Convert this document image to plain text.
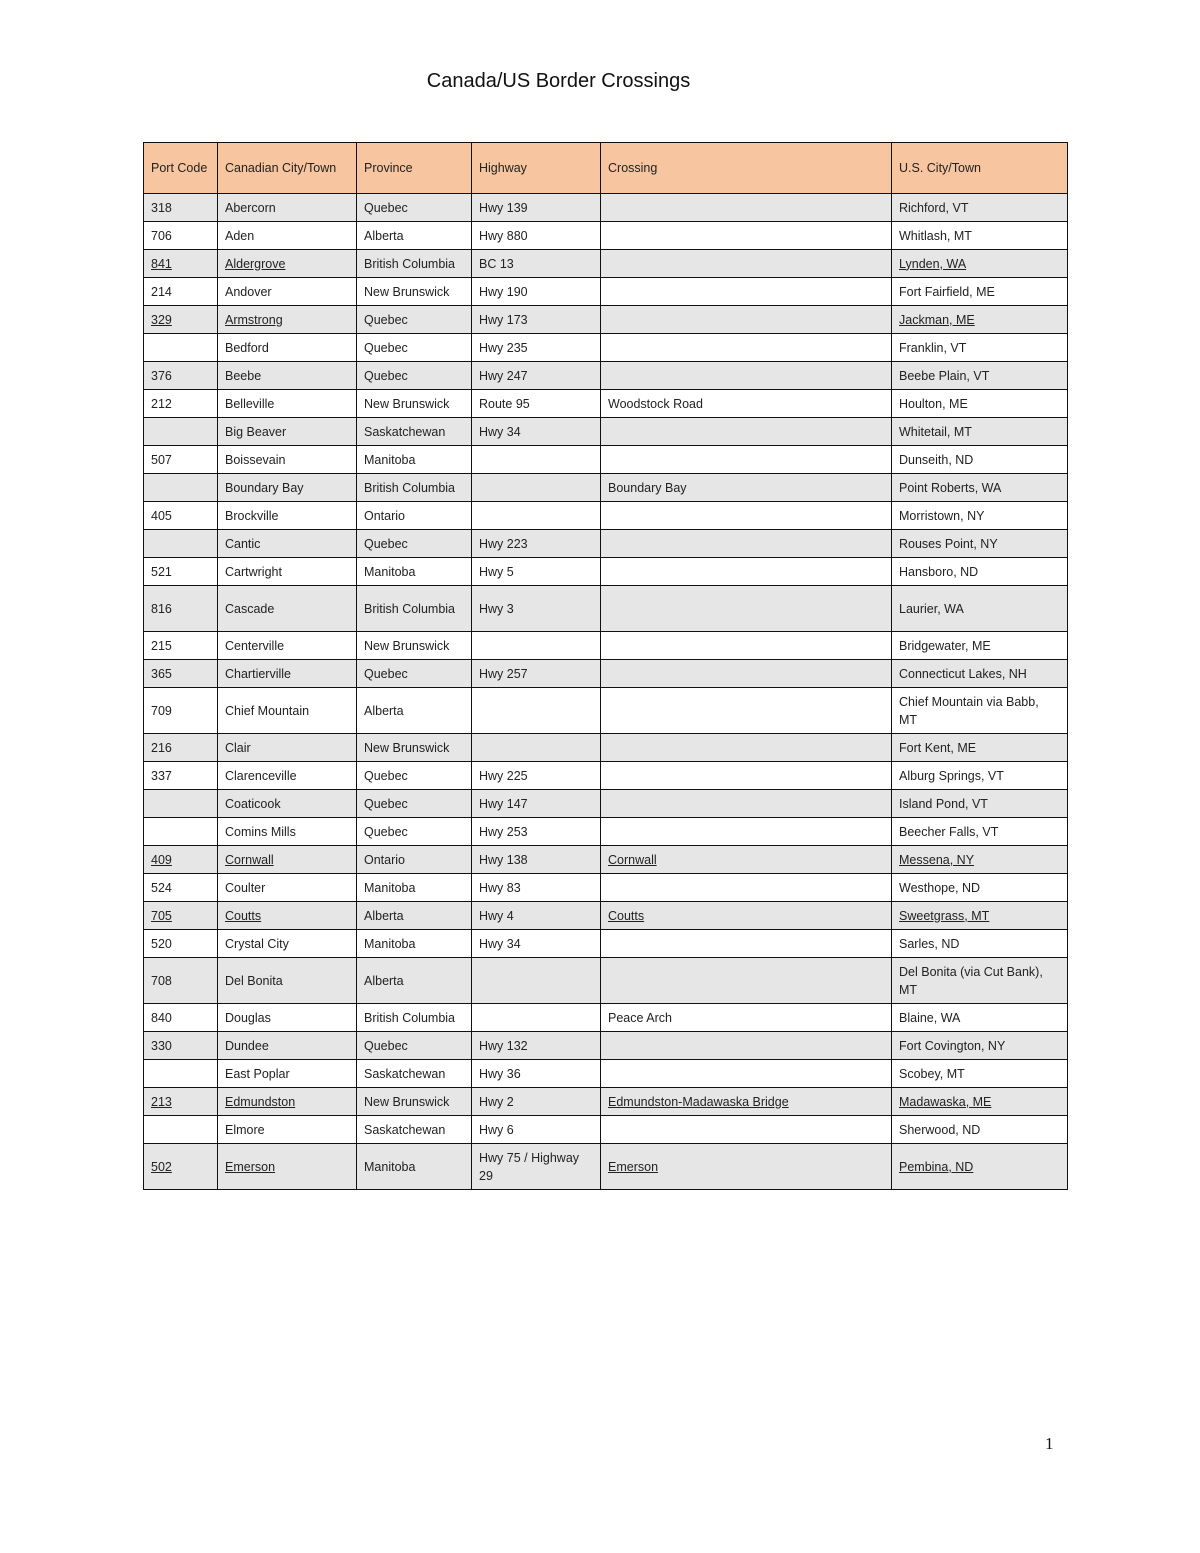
Canada/US Border Crossings
Port Code	Canadian City/Town	Province	Highway	Crossing	U.S. City/Town
318	Abercorn	Quebec	Hwy 139		Richford, VT
706	Aden	Alberta	Hwy 880		Whitlash, MT
841	Aldergrove	British Columbia	BC 13		Lynden, WA
214	Andover	New Brunswick	Hwy 190		Fort Fairfield, ME
329	Armstrong	Quebec	Hwy 173		Jackman, ME
	Bedford	Quebec	Hwy 235		Franklin, VT
376	Beebe	Quebec	Hwy 247		Beebe Plain, VT
212	Belleville	New Brunswick	Route 95	Woodstock Road	Houlton, ME
	Big Beaver	Saskatchewan	Hwy 34		Whitetail, MT
507	Boissevain	Manitoba			Dunseith, ND
	Boundary Bay	British Columbia		Boundary Bay	Point Roberts, WA
405	Brockville	Ontario			Morristown, NY
	Cantic	Quebec	Hwy 223		Rouses Point, NY
521	Cartwright	Manitoba	Hwy 5		Hansboro, ND
816	Cascade	British Columbia	Hwy 3		Laurier, WA
215	Centerville	New Brunswick			Bridgewater, ME
365	Chartierville	Quebec	Hwy 257		Connecticut Lakes, NH
709	Chief Mountain	Alberta			Chief Mountain via Babb, MT
216	Clair	New Brunswick			Fort Kent, ME
337	Clarenceville	Quebec	Hwy 225		Alburg Springs, VT
	Coaticook	Quebec	Hwy 147		Island Pond, VT
	Comins Mills	Quebec	Hwy 253		Beecher Falls, VT
409	Cornwall	Ontario	Hwy 138	Cornwall	Messena, NY
524	Coulter	Manitoba	Hwy 83		Westhope, ND
705	Coutts	Alberta	Hwy 4	Coutts	Sweetgrass, MT
520	Crystal City	Manitoba	Hwy 34		Sarles, ND
708	Del Bonita	Alberta			Del Bonita (via Cut Bank), MT
840	Douglas	British Columbia		Peace Arch	Blaine, WA
330	Dundee	Quebec	Hwy 132		Fort Covington, NY
	East Poplar	Saskatchewan	Hwy 36		Scobey, MT
213	Edmundston	New Brunswick	Hwy 2	Edmundston-Madawaska Bridge	Madawaska, ME
	Elmore	Saskatchewan	Hwy 6		Sherwood, ND
502	Emerson	Manitoba	Hwy 75 / Highway 29	Emerson	Pembina, ND
1
